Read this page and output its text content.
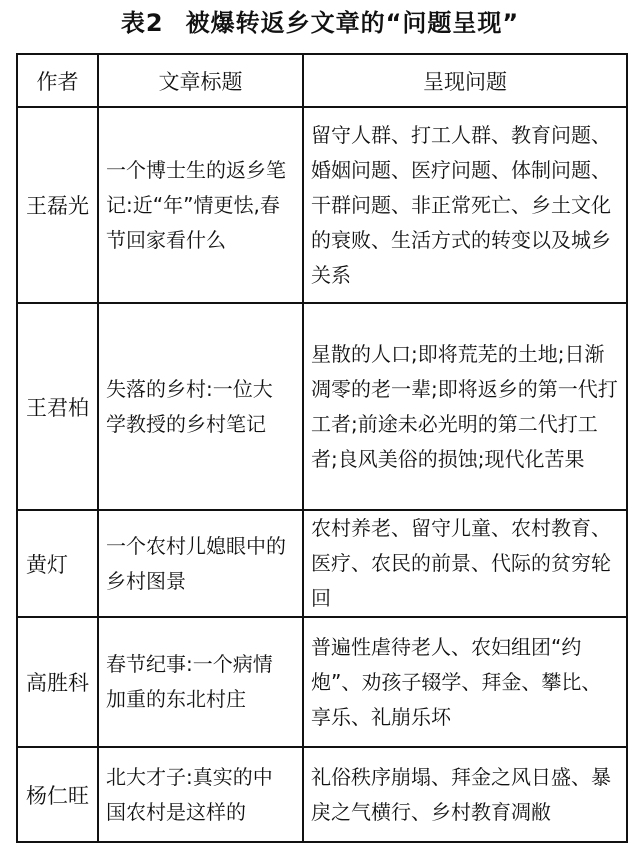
表2 被爆转返乡文章的“问题呈现”
作者	文章标题	呈现问题
王磊光	一个博士生的返乡笔
记:近“年”情更怯,春
节回家看什么	留守人群、打工人群、教育问题、婚姻问题、医疗问题、体制问题、干群问题、非正常死亡、乡土文化的衰败、生活方式的转变以及城乡关系
王君柏	失落的乡村:一位大
学教授的乡村笔记	星散的人口;即将荒芜的土地;日渐凋零的老一辈;即将返乡的第一代打工者;前途未必光明的第二代打工者;良风美俗的损蚀;现代化苦果
黄灯	一个农村儿媳眼中的
乡村图景	农村养老、留守儿童、农村教育、医疗、农民的前景、代际的贫穷轮回
高胜科	春节纪事:一个病情
加重的东北村庄	普遍性虐待老人、农妇组团“约炮”、劝孩子辍学、拜金、攀比、享乐、礼崩乐坏
杨仁旺	北大才子:真实的中
国农村是这样的	礼俗秩序崩塌、拜金之风日盛、暴戾之气横行、乡村教育凋敝
